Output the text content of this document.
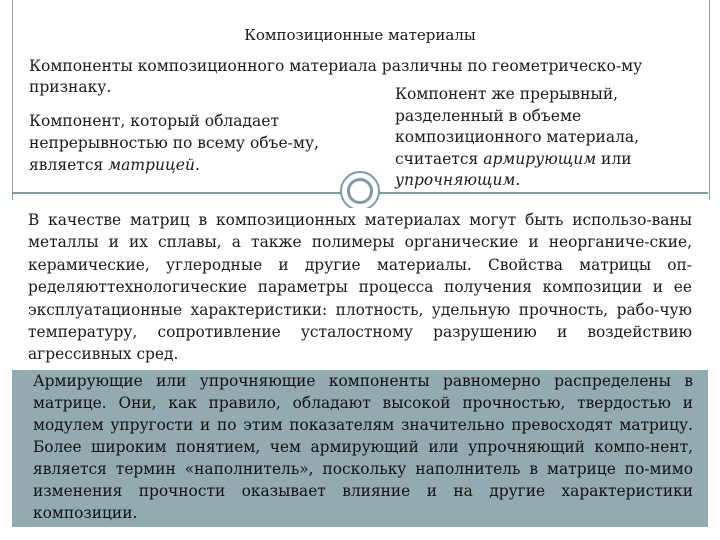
Композиционные материалы
Компоненты композиционного материала различны по геометрическо-му признаку.
Компонент, который обладает непрерывностью по всему объе-му, является матрицей.
Компонент же прерывный, разделенный в объеме композиционного материала, считается армирующим или упрочняющим.
В качестве матриц в композиционных материалах могут быть использо-ваны металлы и их сплавы, а также полимеры органические и неорганиче-ские, керамические, углеродные и другие материалы. Свойства матрицы оп-ределяюттехнологические параметры процесса получения композиции и ее эксплуатационные характеристики: плотность, удельную прочность, рабо-чую температуру, сопротивление усталостному разрушению и воздействию агрессивных сред.
Армирующие или упрочняющие компоненты равномерно распределены в матрице. Они, как правило, обладают высокой прочностью, твердостью и модулем упругости и по этим показателям значительно превосходят матрицу. Более широким понятием, чем армирующий или упрочняющий компо-нент, является термин «наполнитель», поскольку наполнитель в матрице по-мимо изменения прочности оказывает влияние и на другие характеристики композиции.
